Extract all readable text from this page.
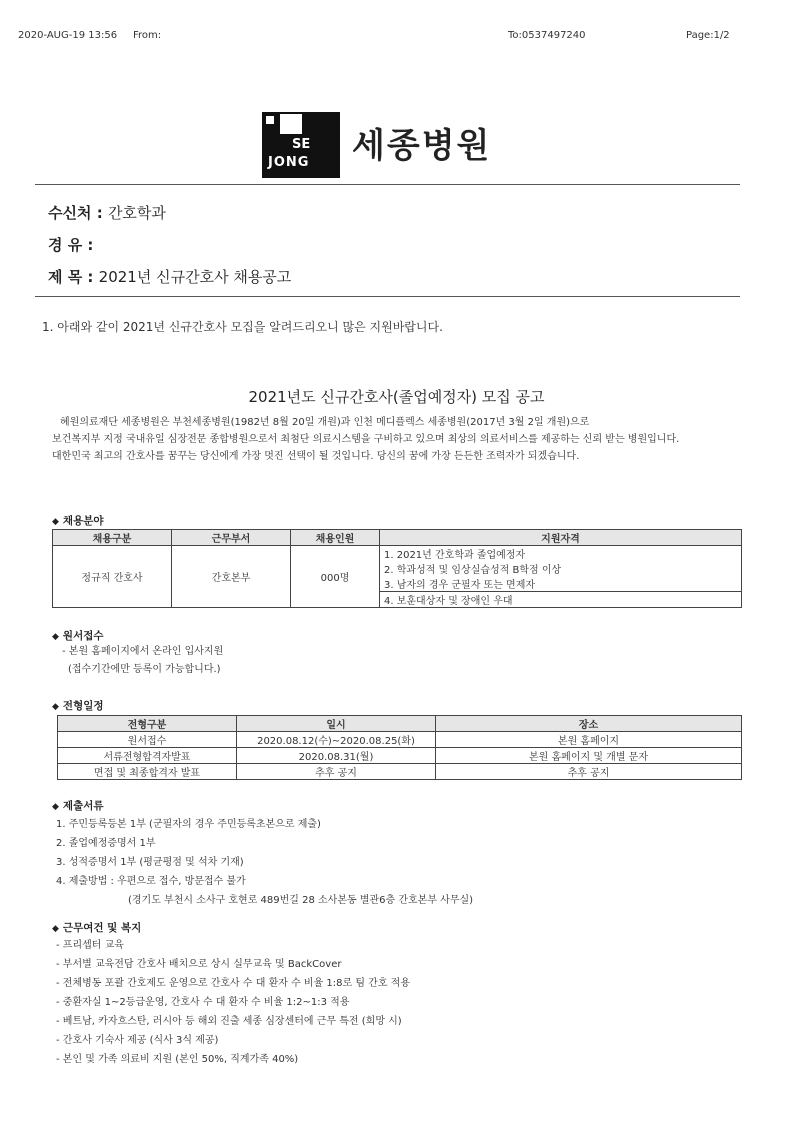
2020-AUG-19 13:56 From:	To:0537497240	Page:1/2
SE
JONG 세종병원
수신처 : 간호학과
경 유 :
제 목 : 2021년 신규간호사 채용공고
1. 아래와 같이 2021년 신규간호사 모집을 알려드리오니 많은 지원바랍니다.
2021년도 신규간호사(졸업예정자) 모집 공고

혜원의료재단 세종병원은 부천세종병원(1982년 8월 20일 개원)과 인천 메디플렉스 세종병원(2017년 3월 2일 개원)으로

보건복지부 지정 국내유일 심장전문 종합병원으로서 최첨단 의료시스템을 구비하고 있으며 최상의 의료서비스를 제공하는 신뢰 받는 병원입니다.

대한민국 최고의 간호사를 꿈꾸는 당신에게 가장 멋진 선택이 될 것입니다. 당신의 꿈에 가장 든든한 조력자가 되겠습니다.

◆ 채용분야
채용구분	근무부서	채용인원	지원자격
정규직 간호사	간호본부	000명	
1. 2021년 간호학과 졸업예정자
2. 학과성적 및 임상실습성적 B학점 이상
3. 남자의 경우 군필자 또는 면제자
4. 보훈대상자 및 장애인 우대
◆ 원서접수
- 본원 홈페이지에서 온라인 입사지원
(접수기간에만 등록이 가능합니다.)
◆ 전형일정
전형구분	일시	장소
원서접수	2020.08.12(수)~2020.08.25(화)	본원 홈페이지
서류전형합격자발표	2020.08.31(월)	본원 홈페이지 및 개별 문자
면접 및 최종합격자 발표	추후 공지	추후 공지
◆ 제출서류
1. 주민등록등본 1부 (군필자의 경우 주민등록초본으로 제출)
2. 졸업예정증명서 1부
3. 성적증명서 1부 (평균평점 및 석차 기재)
4. 제출방법 : 우편으로 접수, 방문접수 불가
(경기도 부천시 소사구 호현로 489번길 28 소사본동 별관6층 간호본부 사무실)
◆ 근무여건 및 복지
- 프리셉터 교육
- 부서별 교육전담 간호사 배치으로 상시 실무교육 및 BackCover
- 전체병동 포괄 간호제도 운영으로 간호사 수 대 환자 수 비율 1:8로 팀 간호 적용
- 중환자실 1~2등급운영, 간호사 수 대 환자 수 비율 1:2~1:3 적용
- 베트남, 카자흐스탄, 러시아 등 해외 진출 세종 심장센터에 근무 특전 (희망 시)
- 간호사 기숙사 제공 (식사 3식 제공)
- 본인 및 가족 의료비 지원 (본인 50%, 직계가족 40%)
